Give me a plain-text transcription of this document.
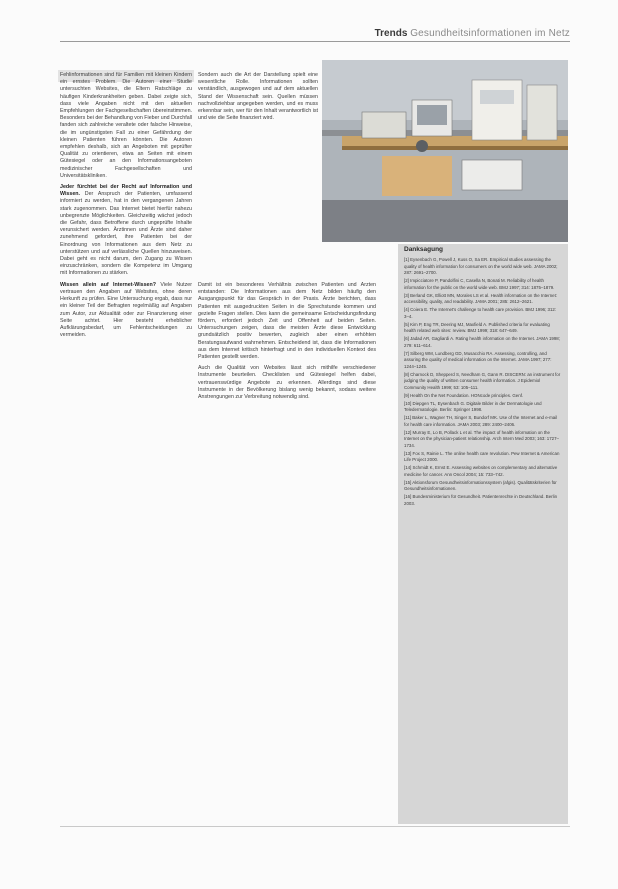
Trends Gesundheitsinformationen im Netz

Fehlinformationen sind für Familien mit kleinen Kindern ein ernstes Problem. Die Autoren einer Studie untersuchten Websites, die Eltern Ratschläge zu häufigen Kinderkrankheiten geben. Dabei zeigte sich, dass viele Angaben nicht mit den aktuellen Empfehlungen der Fachgesellschaften übereinstimmen. Besonders bei der Behandlung von Fieber und Durchfall fanden sich zahlreiche veraltete oder falsche Hinweise, die im ungünstigsten Fall zu einer Gefährdung der kleinen Patienten führen könnten. Die Autoren empfehlen deshalb, sich an Angeboten mit geprüfter Qualität zu orientieren, etwa an Seiten mit einem Gütesiegel oder an den Informationsangeboten medizinischer Fachgesellschaften und Universitätskliniken.

Jeder fürchtet bei der Recht auf Information und Wissen. Der Anspruch der Patienten, umfassend informiert zu werden, hat in den vergangenen Jahren stark zugenommen. Das Internet bietet hierfür nahezu unbegrenzte Möglichkeiten. Gleichzeitig wächst jedoch die Gefahr, dass Betroffene durch ungeprüfte Inhalte verunsichert werden. Ärztinnen und Ärzte sind daher zunehmend gefordert, ihre Patienten bei der Einordnung von Informationen aus dem Netz zu unterstützen und auf verlässliche Quellen hinzuweisen. Dabei geht es nicht darum, den Zugang zu Wissen einzuschränken, sondern die Kompetenz im Umgang mit Informationen zu stärken.

Wissen allein auf Internet-Wissen? Viele Nutzer vertrauen den Angaben auf Websites, ohne deren Herkunft zu prüfen. Eine Untersuchung ergab, dass nur ein kleiner Teil der Befragten regelmäßig auf Angaben zum Autor, zur Aktualität oder zur Finanzierung einer Seite achtet. Hier besteht erheblicher Aufklärungsbedarf, um Fehlentscheidungen zu vermeiden.

Sondern auch die Art der Darstellung spielt eine wesentliche Rolle. Informationen sollten verständlich, ausgewogen und auf dem aktuellen Stand der Wissenschaft sein. Quellen müssen nachvollziehbar angegeben werden, und es muss erkennbar sein, wer für den Inhalt verantwortlich ist und wie die Seite finanziert wird.

Damit ist ein besonderes Verhältnis zwischen Patienten und Ärzten entstanden: Die Informationen aus dem Netz bilden häufig den Ausgangspunkt für das Gespräch in der Praxis. Ärzte berichten, dass Patienten mit ausgedruckten Seiten in die Sprechstunde kommen und gezielte Fragen stellen. Dies kann die gemeinsame Entscheidungsfindung fördern, erfordert jedoch Zeit und Offenheit auf beiden Seiten. Untersuchungen zeigen, dass die meisten Ärzte diese Entwicklung grundsätzlich positiv bewerten, zugleich aber einen erhöhten Beratungsaufwand wahrnehmen. Entscheidend ist, dass die Informationen aus dem Internet kritisch hinterfragt und in den individuellen Kontext des Patienten gestellt werden.

Auch die Qualität von Websites lässt sich mithilfe verschiedener Instrumente beurteilen. Checklisten und Gütesiegel helfen dabei, vertrauenswürdige Angebote zu erkennen. Allerdings sind diese Instrumente in der Bevölkerung bislang wenig bekannt, sodass weitere Anstrengungen zur Verbreitung notwendig sind.

Danksagung
[1] Eysenbach G, Powell J, Kuss O, Sa ER. Empirical studies assessing the quality of health information for consumers on the world wide web. JAMA 2002; 287: 2691–2700.
[2] Impicciatore P, Pandolfini C, Casella N, Bonati M. Reliability of health information for the public on the world wide web. BMJ 1997; 314: 1875–1879.
[3] Berland GK, Elliott MN, Morales LS et al. Health information on the Internet: accessibility, quality, and readability. JAMA 2001; 285: 2612–2621.
[4] Coiera E. The Internet's challenge to health care provision. BMJ 1996; 312: 3–4.
[5] Kim P, Eng TR, Deering MJ, Maxfield A. Published criteria for evaluating health related web sites: review. BMJ 1999; 318: 647–649.
[6] Jadad AR, Gagliardi A. Rating health information on the Internet. JAMA 1998; 279: 611–614.
[7] Silberg WM, Lundberg GD, Musacchio RA. Assessing, controlling, and assuring the quality of medical information on the Internet. JAMA 1997; 277: 1244–1245.
[8] Charnock D, Shepperd S, Needham G, Gann R. DISCERN: an instrument for judging the quality of written consumer health information. J Epidemiol Community Health 1999; 53: 105–111.
[9] Health On the Net Foundation. HONcode principles. Genf.
[10] Diepgen TL, Eysenbach G. Digitale Bilder in der Dermatologie und Teledermatologie. Berlin: Springer 1998.
[11] Baker L, Wagner TH, Singer S, Bundorf MK. Use of the Internet and e-mail for health care information. JAMA 2003; 289: 2400–2406.
[12] Murray E, Lo B, Pollack L et al. The impact of health information on the Internet on the physician-patient relationship. Arch Intern Med 2003; 163: 1727–1734.
[13] Fox S, Rainie L. The online health care revolution. Pew Internet & American Life Project 2000.
[14] Schmidt K, Ernst E. Assessing websites on complementary and alternative medicine for cancer. Ann Oncol 2004; 15: 733–742.
[15] Aktionsforum Gesundheitsinformationssystem (afgis). Qualitätskriterien für Gesundheitsinformationen.
[16] Bundesministerium für Gesundheit. Patientenrechte in Deutschland. Berlin 2003.
